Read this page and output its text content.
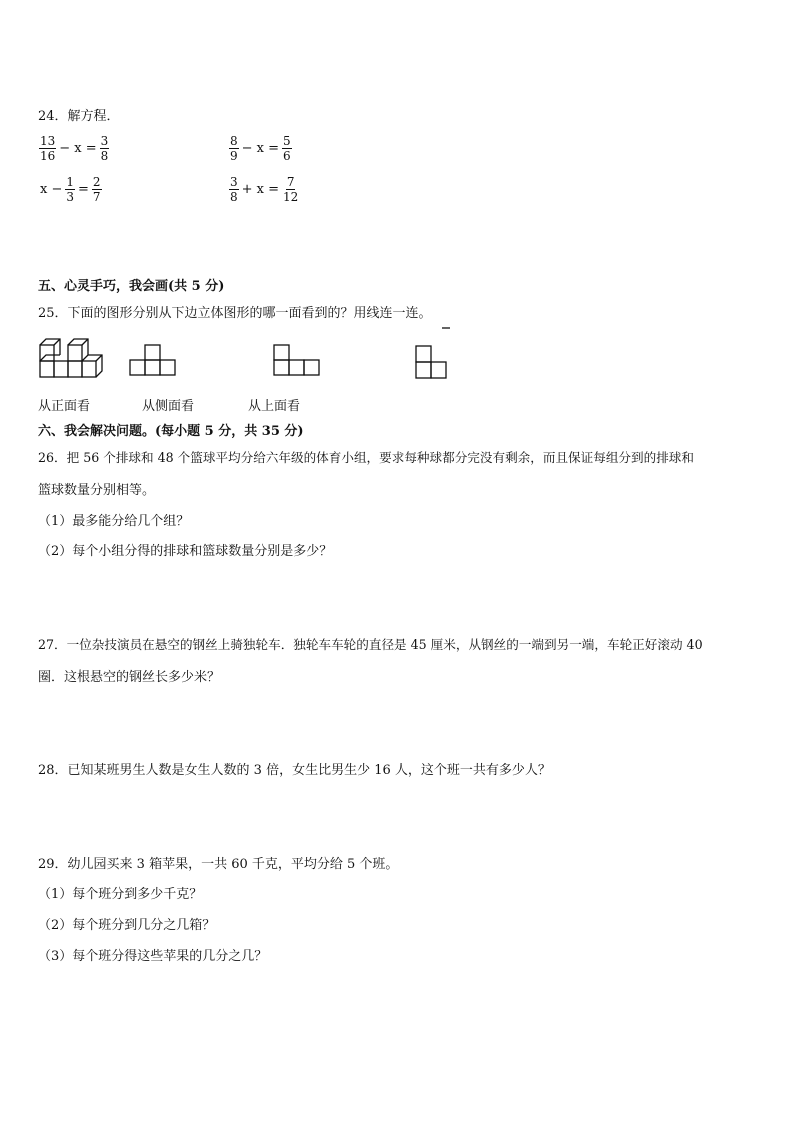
24．解方程．
$\frac{13}{16} - x = \frac{3}{8}$	$\frac{8}{9} - x = \frac{5}{6}$
$x - \frac{1}{3} = \frac{2}{7}$	$\frac{3}{8} + x = \frac{7}{12}$
五、心灵手巧，我会画(共 5 分)
25．下面的图形分别从下边立体图形的哪一面看到的？用线连一连。
从正面看	从侧面看	从上面看
六、我会解决问题。(每小题 5 分，共 35 分)
26．把 56 个排球和 48 个篮球平均分给六年级的体育小组，要求每种球都分完没有剩余，而且保证每组分到的排球和
篮球数量分别相等。
（1）最多能分给几个组？
（2）每个小组分得的排球和篮球数量分别是多少？
27．一位杂技演员在悬空的钢丝上骑独轮车．独轮车车轮的直径是 45 厘米，从钢丝的一端到另一端，车轮正好滚动 40
圈．这根悬空的钢丝长多少米？
28．已知某班男生人数是女生人数的 3 倍，女生比男生少 16 人，这个班一共有多少人？
29．幼儿园买来 3 箱苹果，一共 60 千克，平均分给 5 个班。
（1）每个班分到多少千克？
（2）每个班分到几分之几箱？
（3）每个班分得这些苹果的几分之几？
